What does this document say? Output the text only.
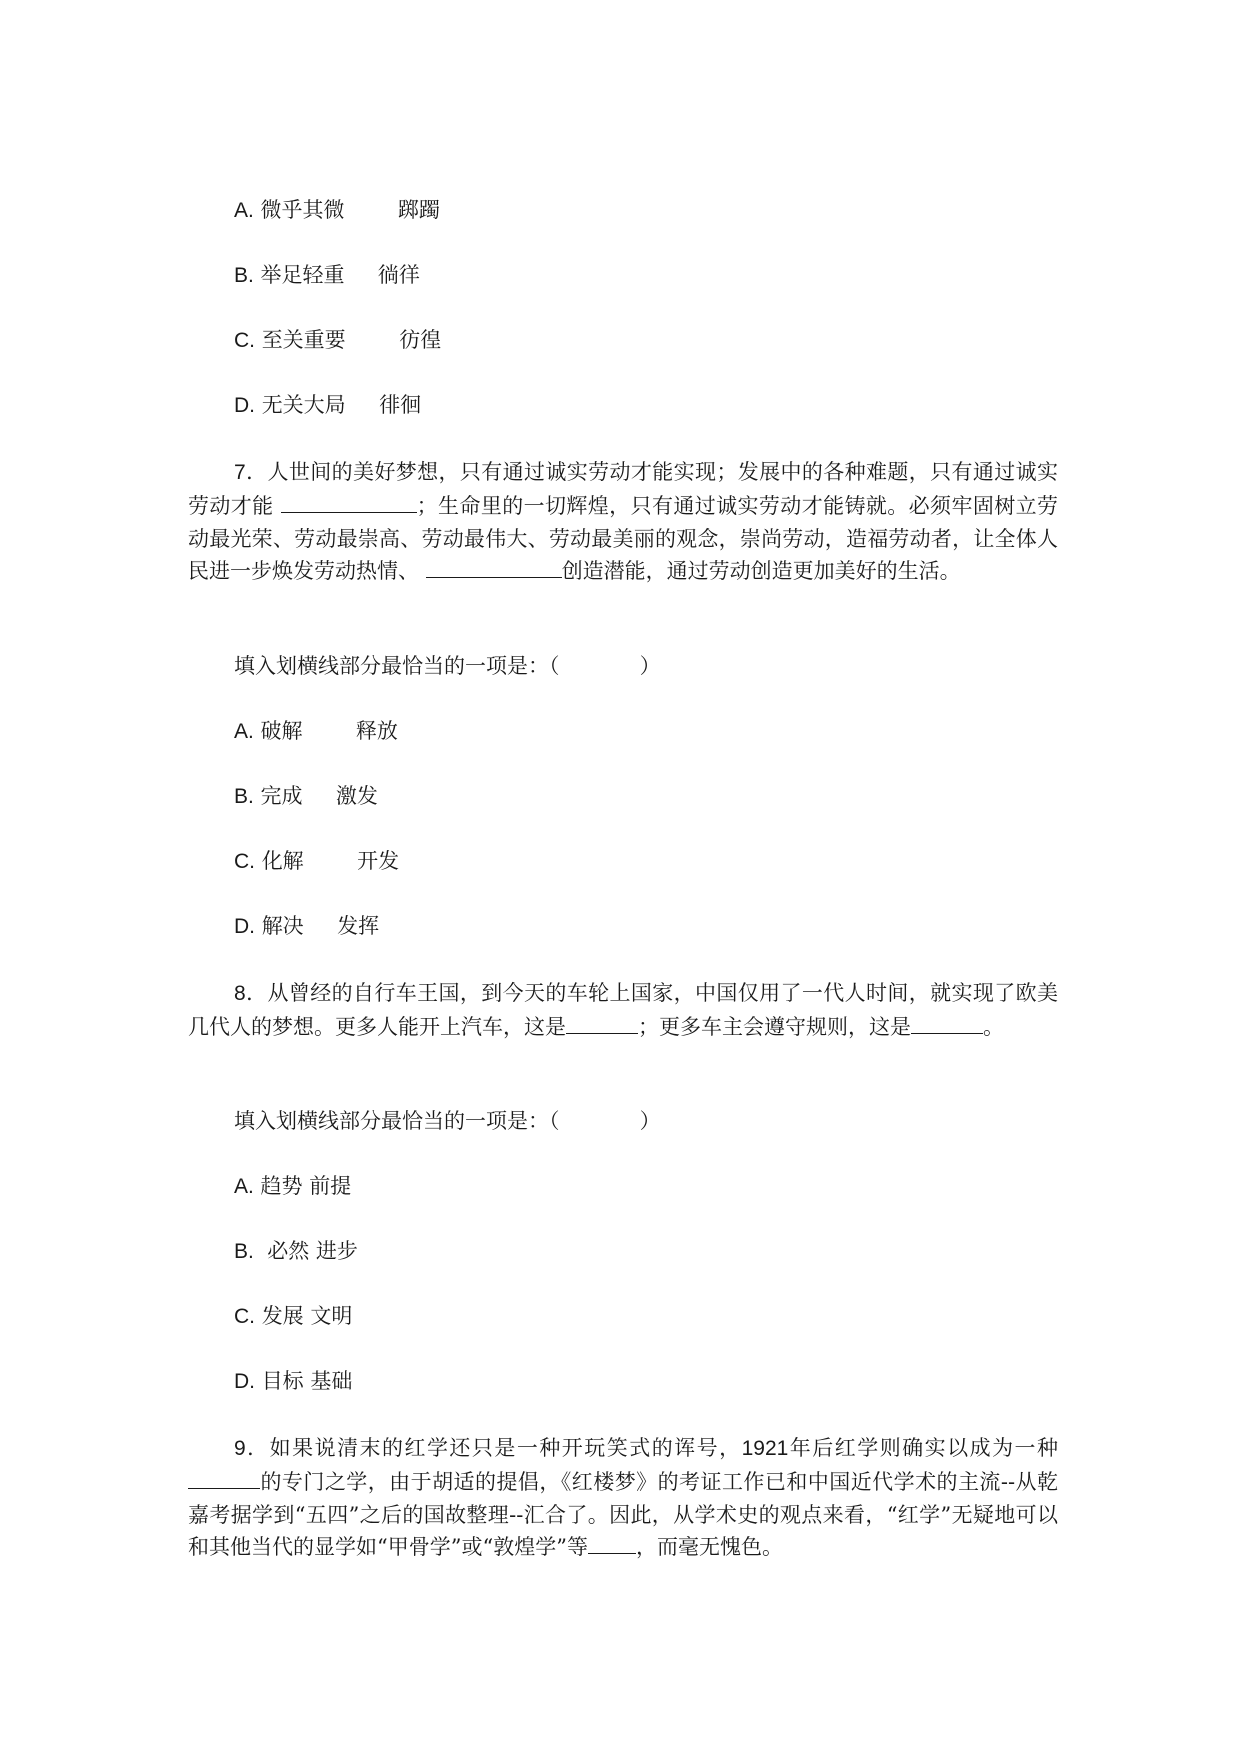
A. 微乎其微        踯躅
B. 举足轻重     徜徉
C. 至关重要        彷徨
D. 无关大局     徘徊
7．人世间的美好梦想，只有通过诚实劳动才能实现；发展中的各种难题，只有通过诚实劳动才能	；生命里的一切辉煌，只有通过诚实劳动才能铸就。必须牢固树立劳动最光荣、劳动最崇高、劳动最伟大、劳动最美丽的观念，崇尚劳动，造福劳动者，让全体人民进一步焕发劳动热情、	创造潜能，通过劳动创造更加美好的生活。
填入划横线部分最恰当的一项是：（            ）
A. 破解        释放
B. 完成     激发
C. 化解        开发
D. 解决     发挥
8．从曾经的自行车王国，到今天的车轮上国家，中国仅用了一代人时间，就实现了欧美几代人的梦想。更多人能开上汽车，这是	；更多车主会遵守规则，这是	。
填入划横线部分最恰当的一项是：（            ）
A. 趋势 前提
B.  必然 进步
C. 发展 文明
D. 目标 基础
9．如果说清末的红学还只是一种开玩笑式的诨号，1921年后红学则确实以成为一种的专门之学，由于胡适的提倡，《红楼梦》的考证工作已和中国近代学术的主流--从乾嘉考据学到“五四”之后的国故整理--汇合了。因此，从学术史的观点来看，“红学”无疑地可以和其他当代的显学如“甲骨学”或“敦煌学”等 ，而毫无愧色。
